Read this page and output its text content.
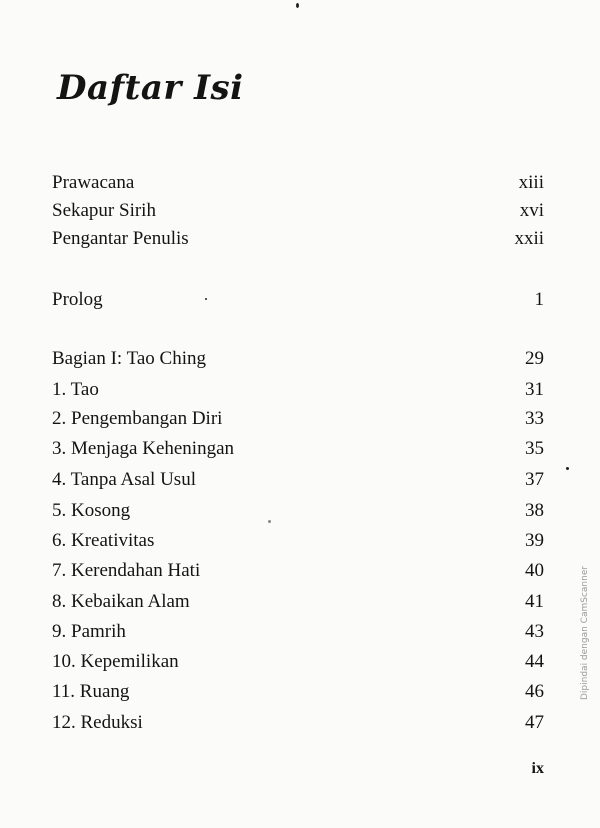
Daftar Isi
Prawacana	xiii
Sekapur Sirih	xvi
Pengantar Penulis	xxii
Prolog	1
Bagian I: Tao Ching	29
1. Tao	31
2. Pengembangan Diri	33
3. Menjaga Keheningan	35
4. Tanpa Asal Usul	37
5. Kosong	38
6. Kreativitas	39
7. Kerendahan Hati	40
8. Kebaikan Alam	41
9. Pamrih	43
10. Kepemilikan	44
11. Ruang	46
12. Reduksi	47
ix
Dipindai dengan CamScanner
